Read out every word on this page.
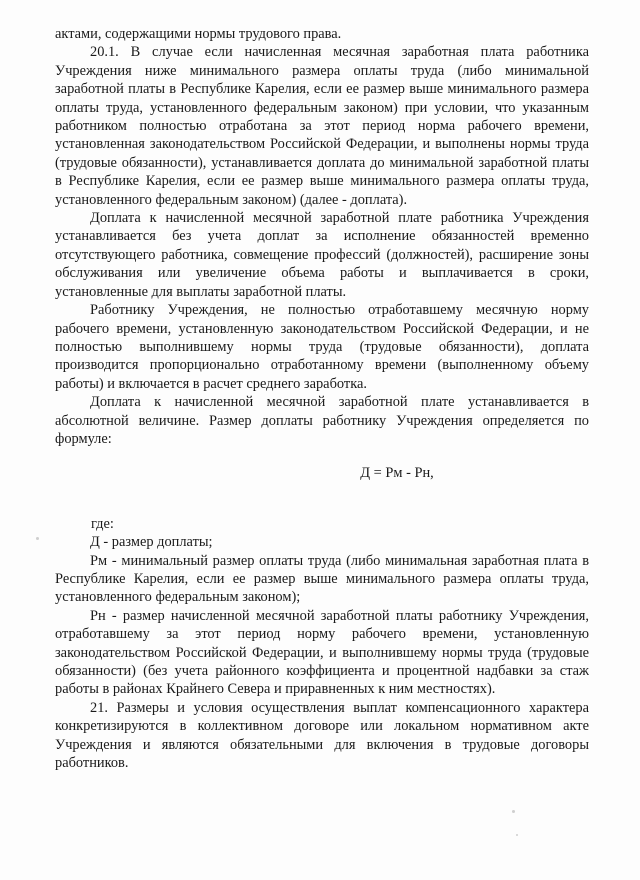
актами, содержащими нормы трудового права.

20.1. В случае если начисленная месячная заработная плата работника Учреждения ниже минимального размера оплаты труда (либо минимальной заработной платы в Республике Карелия, если ее размер выше минимального размера оплаты труда, установленного федеральным законом) при условии, что указанным работником полностью отработана за этот период норма рабочего времени, установленная законодательством Российской Федерации, и выполнены нормы труда (трудовые обязанности), устанавливается доплата до минимальной заработной платы в Республике Карелия, если ее размер выше минимального размера оплаты труда, установленного федеральным законом) (далее - доплата).

Доплата к начисленной месячной заработной плате работника Учреждения устанавливается без учета доплат за исполнение обязанностей временно отсутствующего работника, совмещение профессий (должностей), расширение зоны обслуживания или увеличение объема работы и выплачивается в сроки, установленные для выплаты заработной платы.

Работнику Учреждения, не полностью отработавшему месячную норму рабочего времени, установленную законодательством Российской Федерации, и не полностью выполнившему нормы труда (трудовые обязанности), доплата производится пропорционально отработанному времени (выполненному объему работы) и включается в расчет среднего заработка.

Доплата к начисленной месячной заработной плате устанавливается в абсолютной величине. Размер доплаты работнику Учреждения определяется по формуле:

Д = Рм - Рн,

где:

Д - размер доплаты;

Рм - минимальный размер оплаты труда (либо минимальная заработная плата в Республике Карелия, если ее размер выше минимального размера оплаты труда, установленного федеральным законом);

Рн - размер начисленной месячной заработной платы работнику Учреждения, отработавшему за этот период норму рабочего времени, установленную законодательством Российской Федерации, и выполнившему нормы труда (трудовые обязанности) (без учета районного коэффициента и процентной надбавки за стаж работы в районах Крайнего Севера и приравненных к ним местностях).

21. Размеры и условия осуществления выплат компенсационного характера конкретизируются в коллективном договоре или локальном нормативном акте Учреждения и являются обязательными для включения в трудовые договоры работников.
